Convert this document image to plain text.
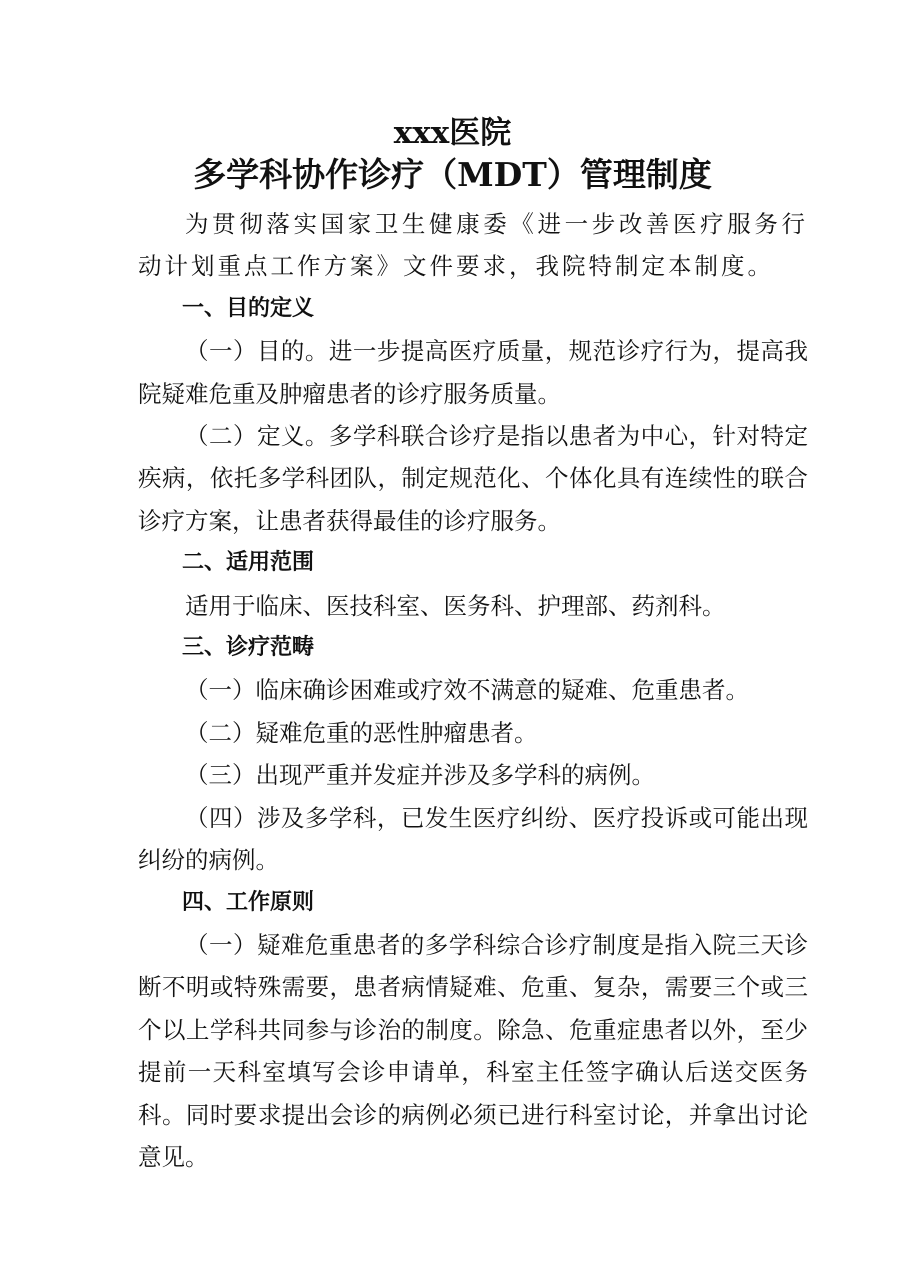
xxx医院
多学科协作诊疗（MDT）管理制度

为贯彻落实国家卫生健康委《进一步改善医疗服务行动计划重点工作方案》文件要求，我院特制定本制度。

一、目的定义

（一）目的。进一步提高医疗质量，规范诊疗行为，提高我院疑难危重及肿瘤患者的诊疗服务质量。

（二）定义。多学科联合诊疗是指以患者为中心，针对特定疾病，依托多学科团队，制定规范化、个体化具有连续性的联合诊疗方案，让患者获得最佳的诊疗服务。

二、适用范围

适用于临床、医技科室、医务科、护理部、药剂科。

三、诊疗范畴

（一）临床确诊困难或疗效不满意的疑难、危重患者。

（二）疑难危重的恶性肿瘤患者。

（三）出现严重并发症并涉及多学科的病例。

（四）涉及多学科，已发生医疗纠纷、医疗投诉或可能出现纠纷的病例。

四、工作原则

（一）疑难危重患者的多学科综合诊疗制度是指入院三天诊断不明或特殊需要，患者病情疑难、危重、复杂，需要三个或三个以上学科共同参与诊治的制度。除急、危重症患者以外，至少提前一天科室填写会诊申请单，科室主任签字确认后送交医务科。同时要求提出会诊的病例必须已进行科室讨论，并拿出讨论意见。
